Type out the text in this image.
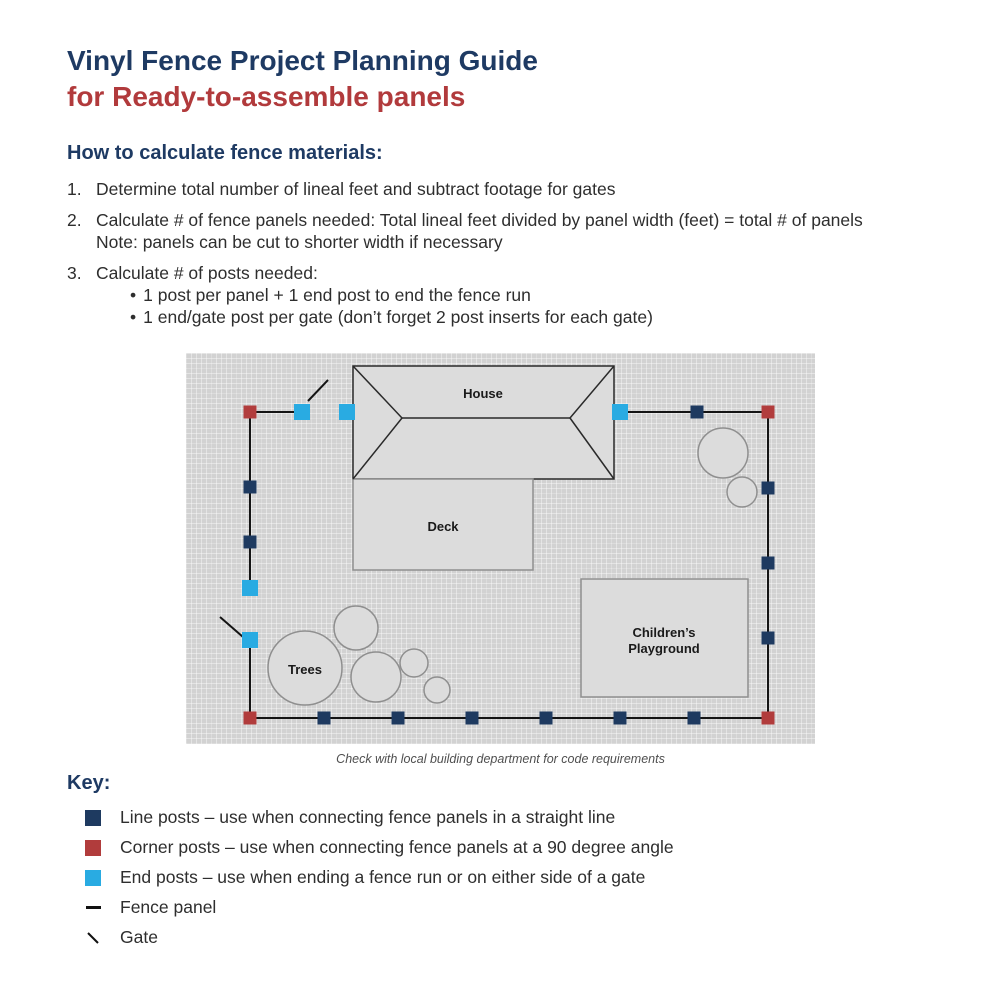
Vinyl Fence Project Planning Guide
for Ready-to-assemble panels
How to calculate fence materials:
1. Determine total number of lineal feet and subtract footage for gates
2. Calculate # of fence panels needed: Total lineal feet divided by panel width (feet) = total # of panels
Note: panels can be cut to shorter width if necessary
3. Calculate # of posts needed:
• 1 post per panel + 1 end post to end the fence run
• 1 end/gate post per gate (don’t forget 2 post inserts for each gate)
House
Deck
Trees
Children’s
Playground
Check with local building department for code requirements
Key:
Line posts – use when connecting fence panels in a straight line
Corner posts – use when connecting fence panels at a 90 degree angle
End posts – use when ending a fence run or on either side of a gate
Fence panel
Gate
